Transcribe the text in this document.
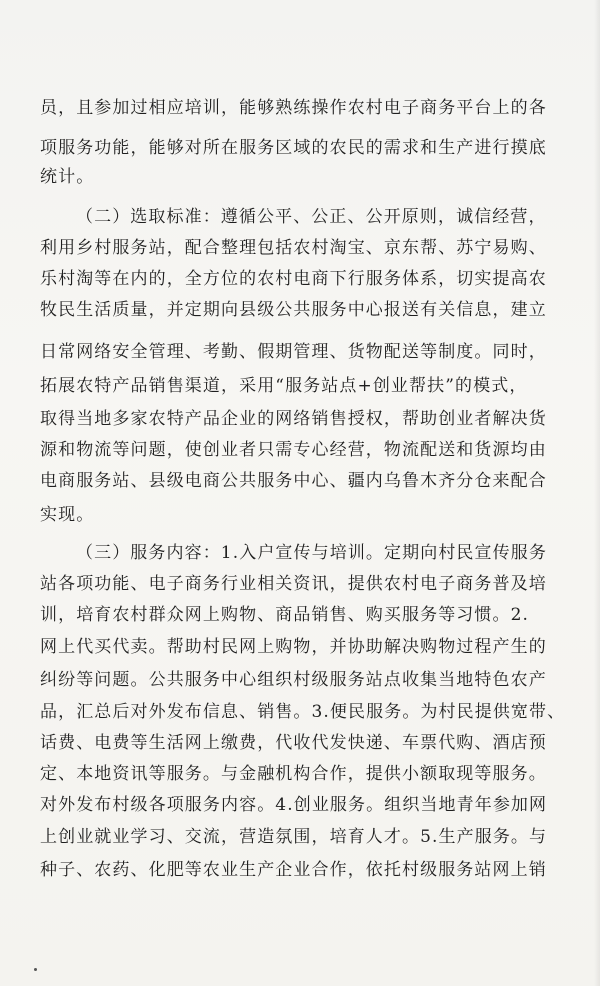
员，且参加过相应培训，能够熟练操作农村电子商务平台上的各
项服务功能，能够对所在服务区域的农民的需求和生产进行摸底
统计。
（二）选取标准：遵循公平、公正、公开原则，诚信经营，
利用乡村服务站，配合整理包括农村淘宝、京东帮、苏宁易购、
乐村淘等在内的，全方位的农村电商下行服务体系，切实提高农
牧民生活质量，并定期向县级公共服务中心报送有关信息，建立
日常网络安全管理、考勤、假期管理、货物配送等制度。同时，
拓展农特产品销售渠道，采用“服务站点+创业帮扶”的模式，
取得当地多家农特产品企业的网络销售授权，帮助创业者解决货
源和物流等问题，使创业者只需专心经营，物流配送和货源均由
电商服务站、县级电商公共服务中心、疆内乌鲁木齐分仓来配合
实现。
（三）服务内容：1.入户宣传与培训。定期向村民宣传服务
站各项功能、电子商务行业相关资讯，提供农村电子商务普及培
训，培育农村群众网上购物、商品销售、购买服务等习惯。2.
网上代买代卖。帮助村民网上购物，并协助解决购物过程产生的
纠纷等问题。公共服务中心组织村级服务站点收集当地特色农产
品，汇总后对外发布信息、销售。3.便民服务。为村民提供宽带、
话费、电费等生活网上缴费，代收代发快递、车票代购、酒店预
定、本地资讯等服务。与金融机构合作，提供小额取现等服务。
对外发布村级各项服务内容。4.创业服务。组织当地青年参加网
上创业就业学习、交流，营造氛围，培育人才。5.生产服务。与
种子、农药、化肥等农业生产企业合作，依托村级服务站网上销
